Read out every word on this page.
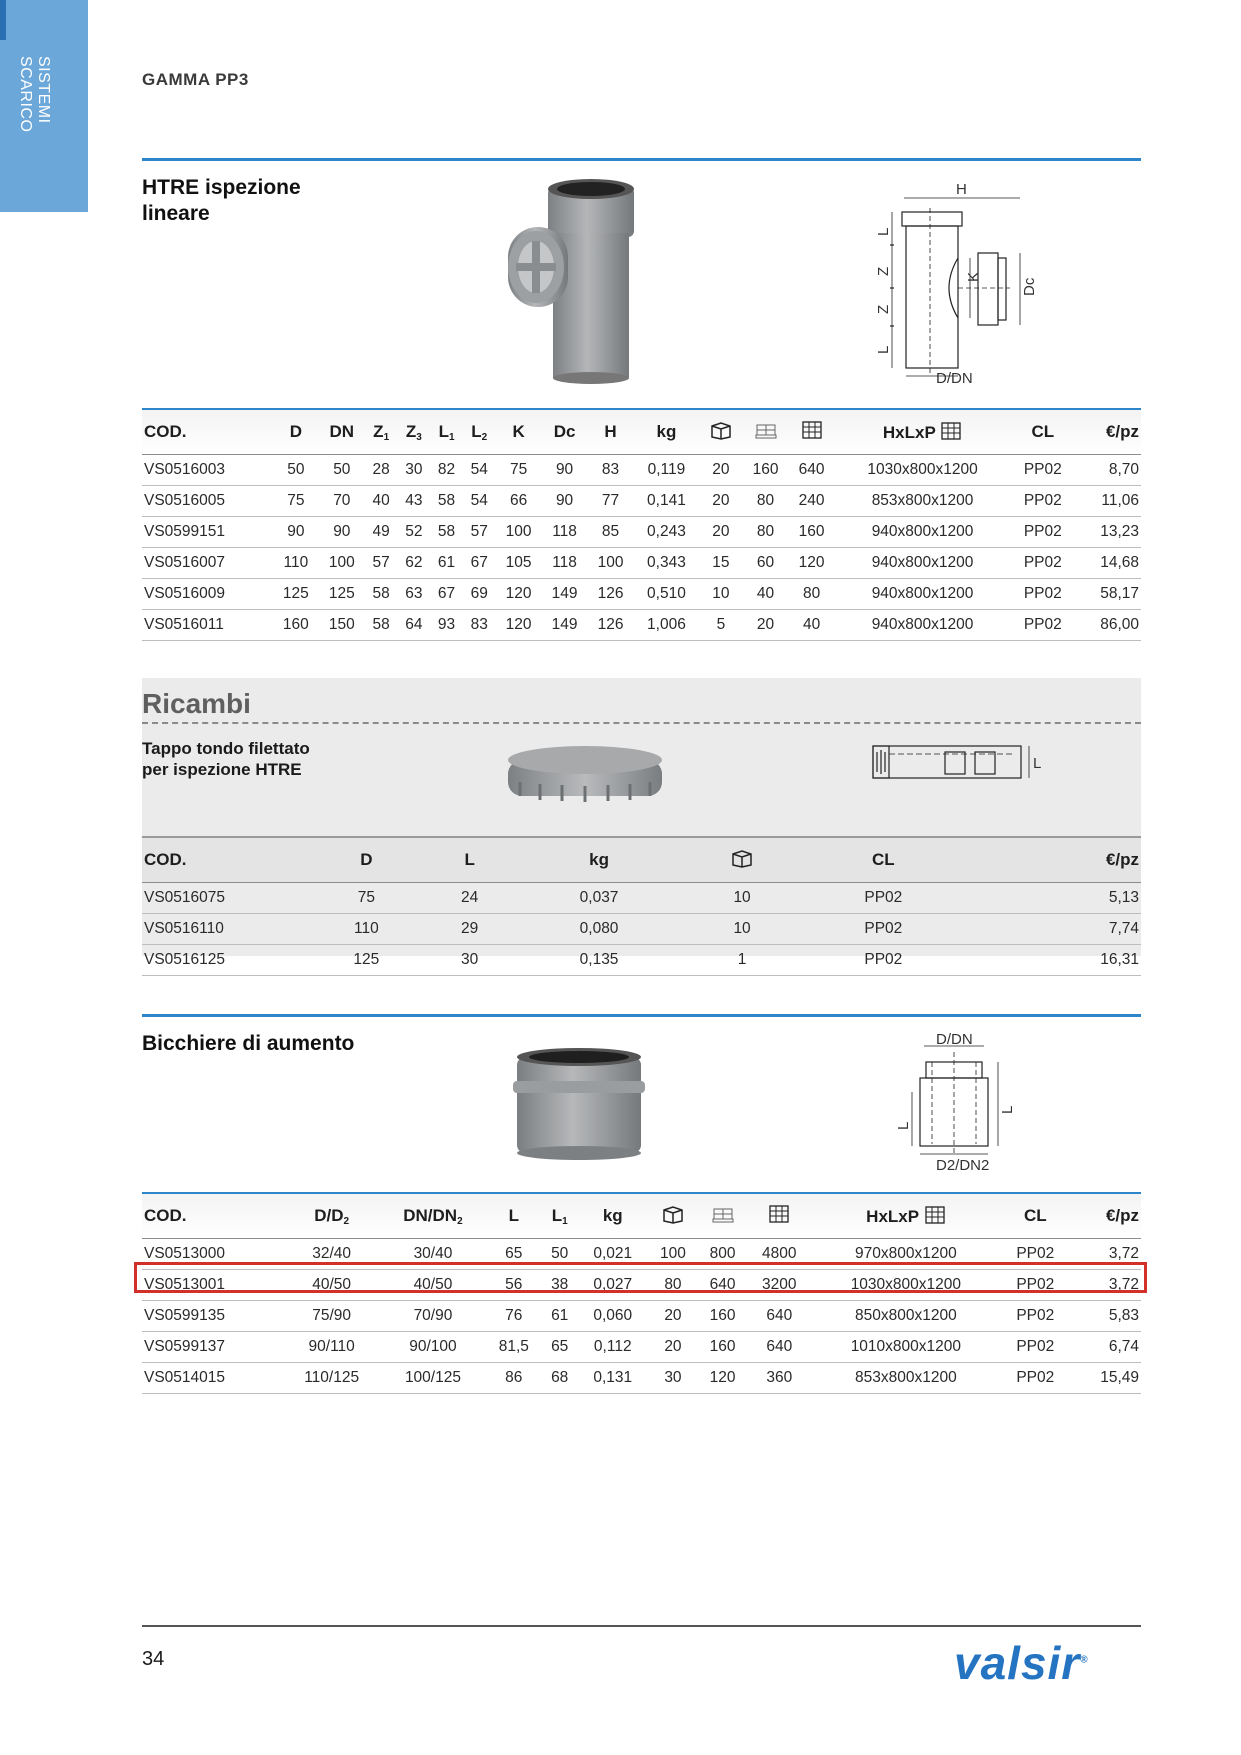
SISTEMI
SCARICO	GAMMA PP3
HTRE ispezione
lineare
H
D/DN
Dc
K
L
Z
Z
L
COD.	D	DN	$Z_1$	$Z_3$	$L_1$	$L_2$	K	Dc	H	kg				HxLxP	CL	€/pz
VS0516003	50	50	28	30	82	54	75	90	83	0,119	20	160	640	1030x800x1200	PP02	8,70
VS0516005	75	70	40	43	58	54	66	90	77	0,141	20	80	240	853x800x1200	PP02	11,06
VS0599151	90	90	49	52	58	57	100	118	85	0,243	20	80	160	940x800x1200	PP02	13,23
VS0516007	110	100	57	62	61	67	105	118	100	0,343	15	60	120	940x800x1200	PP02	14,68
VS0516009	125	125	58	63	67	69	120	149	126	0,510	10	40	80	940x800x1200	PP02	58,17
VS0516011	160	150	58	64	93	83	120	149	126	1,006	5	20	40	940x800x1200	PP02	86,00
Ricambi
Tappo tondo filettato
per ispezione HTRE	L
COD.	D	L	kg		CL	€/pz
VS0516075	75	24	0,037	10	PP02	5,13
VS0516110	110	29	0,080	10	PP02	7,74
VS0516125	125	30	0,135	1	PP02	16,31
Bicchiere di aumento	D/DN
D2/DN2
L
L
COD.	$D/D_2$	$DN/DN_2$	L	$L_1$	kg				HxLxP	CL	€/pz
VS0513000	32/40	30/40	65	50	0,021	100	800	4800	970x800x1200	PP02	3,72
VS0513001	40/50	40/50	56	38	0,027	80	640	3200	1030x800x1200	PP02	3,72
VS0599135	75/90	70/90	76	61	0,060	20	160	640	850x800x1200	PP02	5,83
VS0599137	90/110	90/100	81,5	65	0,112	20	160	640	1010x800x1200	PP02	6,74
VS0514015	110/125	100/125	86	68	0,131	30	120	360	853x800x1200	PP02	15,49
34	valsir®
